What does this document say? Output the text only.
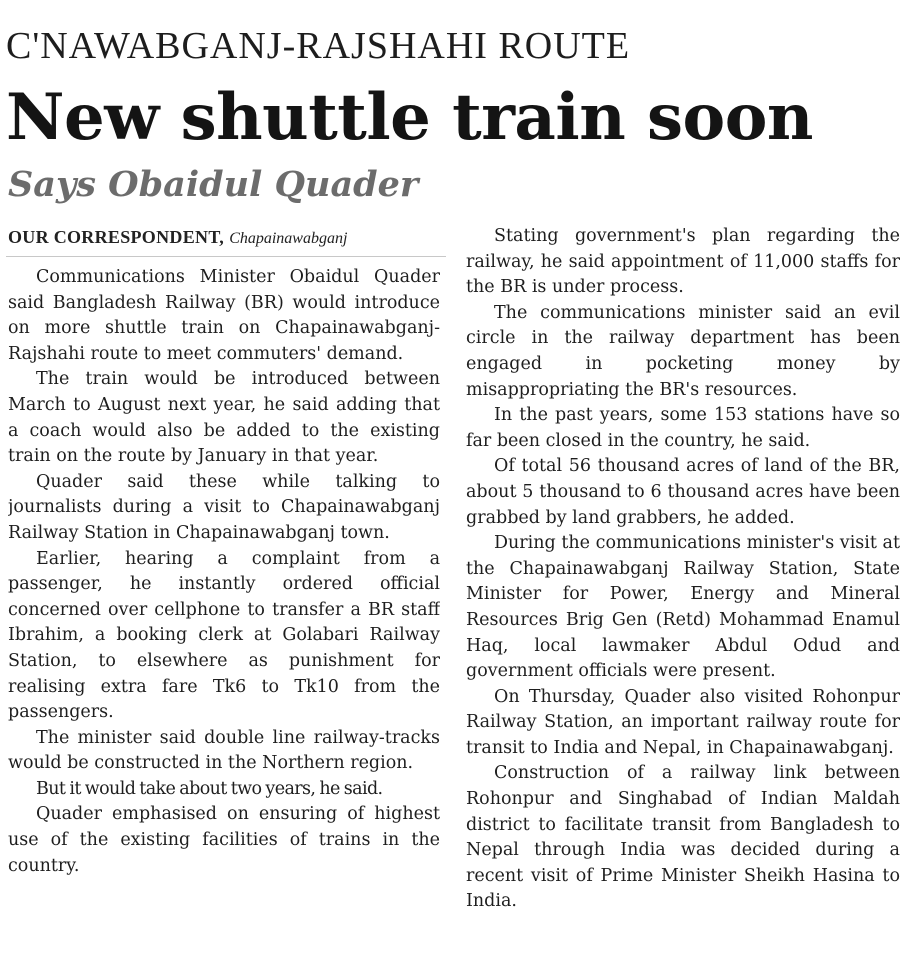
C'NAWABGANJ-RAJSHAHI ROUTE
New shuttle train soon
Says Obaidul Quader
OUR CORRESPONDENT, Chapainawabganj

Communications Minister Obaidul Quader said Bangladesh Railway (BR) would introduce on more shuttle train on Chapainawabganj-Rajshahi route to meet commuters' demand.

The train would be introduced between March to August next year, he said adding that a coach would also be added to the existing train on the route by January in that year.

Quader said these while talking to journalists during a visit to Chapainawabganj Railway Station in Chapainawabganj town.

Earlier, hearing a complaint from a passenger, he instantly ordered official concerned over cellphone to transfer a BR staff Ibrahim, a booking clerk at Golabari Railway Station, to elsewhere as punishment for realising extra fare Tk6 to Tk10 from the passengers.

The minister said double line railway-tracks would be constructed in the Northern region.

But it would take about two years, he said.

Quader emphasised on ensuring of highest use of the existing facilities of trains in the country.

Stating government's plan regarding the railway, he said appointment of 11,000 staffs for the BR is under process.

The communications minister said an evil circle in the railway department has been engaged in pocketing money by misappropriating the BR's resources.

In the past years, some 153 stations have so far been closed in the country, he said.

Of total 56 thousand acres of land of the BR, about 5 thousand to 6 thousand acres have been grabbed by land grabbers, he added.

During the communications minister's visit at the Chapainawabganj Railway Station, State Minister for Power, Energy and Mineral Resources Brig Gen (Retd) Mohammad Enamul Haq, local lawmaker Abdul Odud and government officials were present.

On Thursday, Quader also visited Rohonpur Railway Station, an important railway route for transit to India and Nepal, in Chapainawabganj.

Construction of a railway link between Rohonpur and Singhabad of Indian Maldah district to facilitate transit from Bangladesh to Nepal through India was decided during a recent visit of Prime Minister Sheikh Hasina to India.
